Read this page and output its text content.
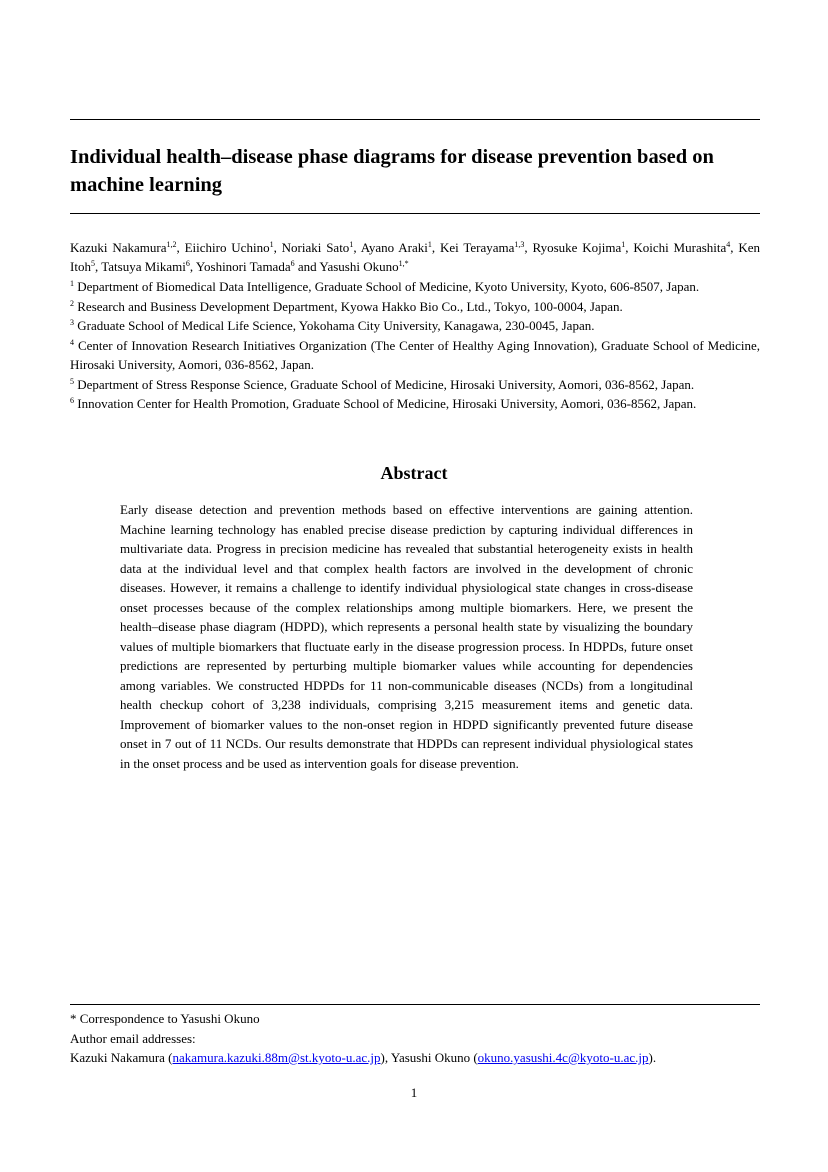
Individual health–disease phase diagrams for disease prevention based on machine learning
Kazuki Nakamura$^{1,2}$, Eiichiro Uchino$^1$, Noriaki Sato$^1$, Ayano Araki$^1$, Kei Terayama$^{1,3}$, Ryosuke Kojima$^1$, Koichi Murashita$^4$, Ken Itoh$^5$, Tatsuya Mikami$^6$, Yoshinori Tamada$^6$ and Yasushi Okuno$^{1,*}$
$^1$ Department of Biomedical Data Intelligence, Graduate School of Medicine, Kyoto University, Kyoto, 606-8507, Japan.
$^2$ Research and Business Development Department, Kyowa Hakko Bio Co., Ltd., Tokyo, 100-0004, Japan.
$^3$ Graduate School of Medical Life Science, Yokohama City University, Kanagawa, 230-0045, Japan.
$^4$ Center of Innovation Research Initiatives Organization (The Center of Healthy Aging Innovation), Graduate School of Medicine, Hirosaki University, Aomori, 036-8562, Japan.
$^5$ Department of Stress Response Science, Graduate School of Medicine, Hirosaki University, Aomori, 036-8562, Japan.
$^6$ Innovation Center for Health Promotion, Graduate School of Medicine, Hirosaki University, Aomori, 036-8562, Japan.
Abstract

Early disease detection and prevention methods based on effective interventions are gaining attention. Machine learning technology has enabled precise disease prediction by capturing individual differences in multivariate data. Progress in precision medicine has revealed that substantial heterogeneity exists in health data at the individual level and that complex health factors are involved in the development of chronic diseases. However, it remains a challenge to identify individual physiological state changes in cross-disease onset processes because of the complex relationships among multiple biomarkers. Here, we present the health–disease phase diagram (HDPD), which represents a personal health state by visualizing the boundary values of multiple biomarkers that fluctuate early in the disease progression process. In HDPDs, future onset predictions are represented by perturbing multiple biomarker values while accounting for dependencies among variables. We constructed HDPDs for 11 non-communicable diseases (NCDs) from a longitudinal health checkup cohort of 3,238 individuals, comprising 3,215 measurement items and genetic data. Improvement of biomarker values to the non-onset region in HDPD significantly prevented future disease onset in 7 out of 11 NCDs. Our results demonstrate that HDPDs can represent individual physiological states in the onset process and be used as intervention goals for disease prevention.

* Correspondence to Yasushi Okuno
Author email addresses:
Kazuki Nakamura (nakamura.kazuki.88m@st.kyoto-u.ac.jp), Yasushi Okuno (okuno.yasushi.4c@kyoto-u.ac.jp).
1
